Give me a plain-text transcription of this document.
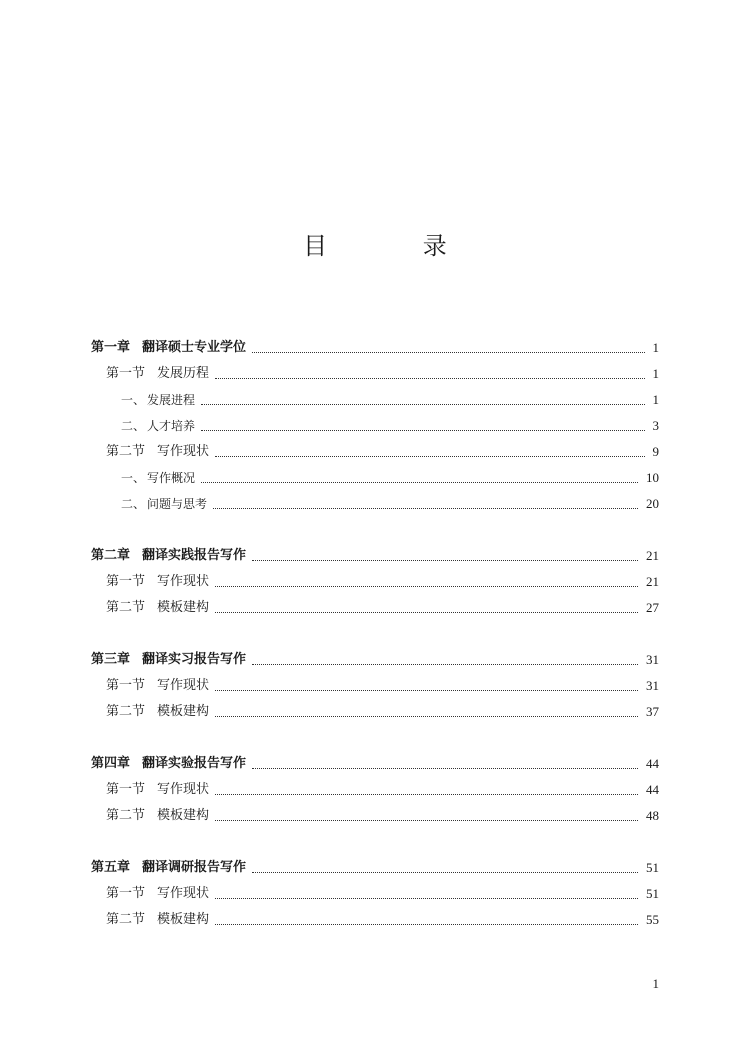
目 录
第一章 翻译硕士专业学位	1
第一节 发展历程	1
一、 发展进程	1
二、 人才培养	3
第二节 写作现状	9
一、 写作概况	10
二、 问题与思考	20
第二章 翻译实践报告写作	21
第一节 写作现状	21
第二节 模板建构	27
第三章 翻译实习报告写作	31
第一节 写作现状	31
第二节 模板建构	37
第四章 翻译实验报告写作	44
第一节 写作现状	44
第二节 模板建构	48
第五章 翻译调研报告写作	51
第一节 写作现状	51
第二节 模板建构	55
1
